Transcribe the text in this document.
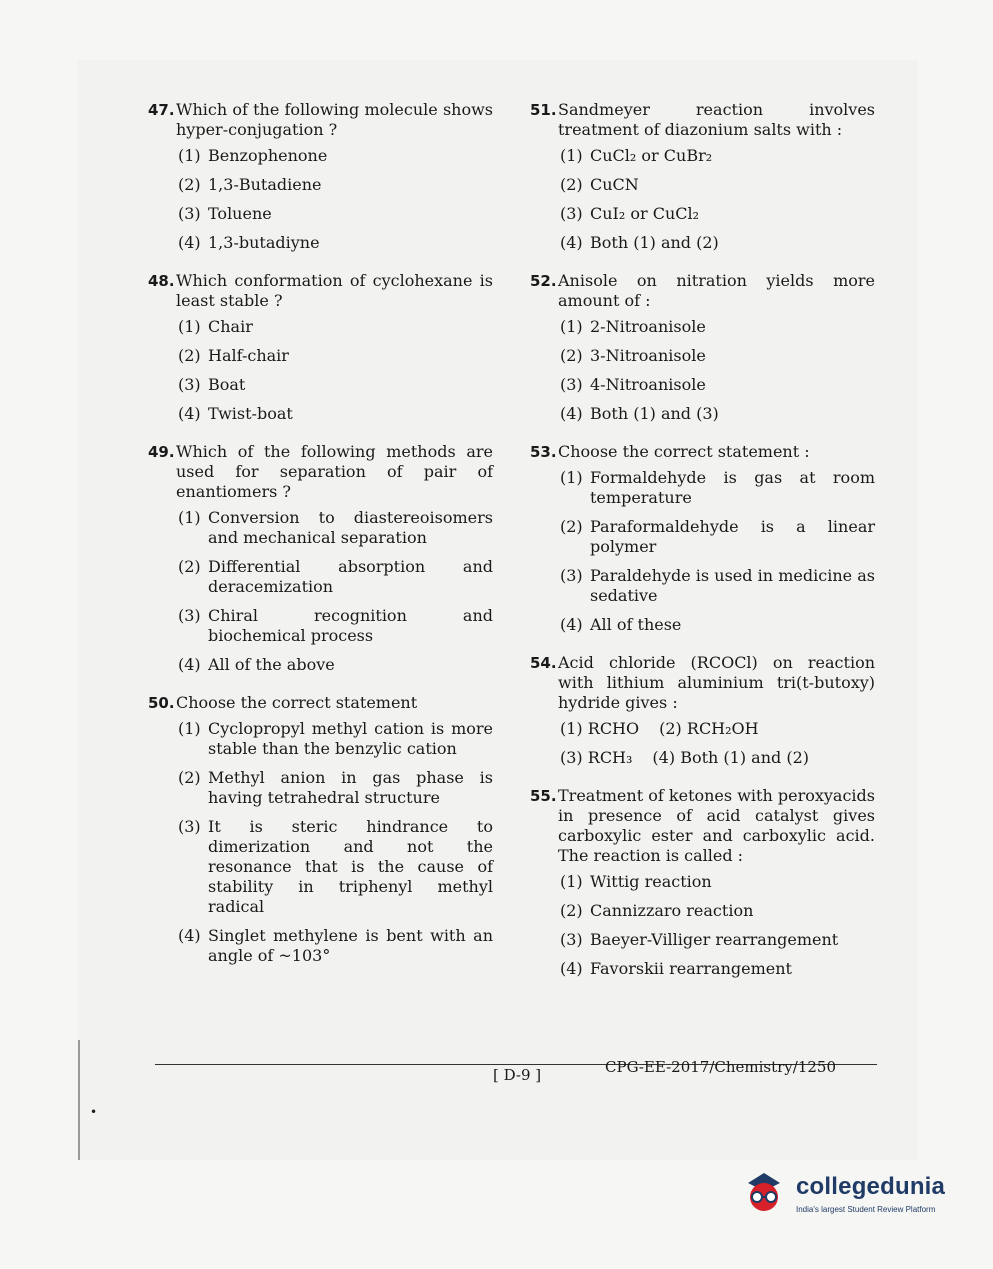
47. Which of the following molecule shows hyper-conjugation ?
(1) Benzophenone
(2) 1,3-Butadiene
(3) Toluene
(4) 1,3-butadiyne
48. Which conformation of cyclohexane is least stable ?
(1) Chair
(2) Half-chair
(3) Boat
(4) Twist-boat
49. Which of the following methods are used for separation of pair of enantiomers ?
(1) Conversion to diastereoisomers and mechanical separation
(2) Differential absorption and deracemization
(3) Chiral recognition and biochemical process
(4) All of the above
50. Choose the correct statement
(1) Cyclopropyl methyl cation is more stable than the benzylic cation
(2) Methyl anion in gas phase is having tetrahedral structure
(3) It is steric hindrance to dimerization and not the resonance that is the cause of stability in triphenyl methyl radical
(4) Singlet methylene is bent with an angle of ~103°
51. Sandmeyer reaction involves treatment of diazonium salts with :
(1) CuCl₂ or CuBr₂
(2) CuCN
(3) CuI₂ or CuCl₂
(4) Both (1) and (2)
52. Anisole on nitration yields more amount of :
(1) 2-Nitroanisole
(2) 3-Nitroanisole
(3) 4-Nitroanisole
(4) Both (1) and (3)
53. Choose the correct statement :
(1) Formaldehyde is gas at room temperature
(2) Paraformaldehyde is a linear polymer
(3) Paraldehyde is used in medicine as sedative
(4) All of these
54. Acid chloride (RCOCl) on reaction with lithium aluminium tri(t-butoxy) hydride gives :
(1) RCHO (2) RCH₂OH
(3) RCH₃ (4) Both (1) and (2)
55. Treatment of ketones with peroxyacids in presence of acid catalyst gives carboxylic ester and carboxylic acid. The reaction is called :
(1) Wittig reaction
(2) Cannizzaro reaction
(3) Baeyer-Villiger rearrangement
(4) Favorskii rearrangement
[ D-9 ]	CPG-EE-2017/Chemistry/1250
•
collegedunia
India's largest Student Review Platform
